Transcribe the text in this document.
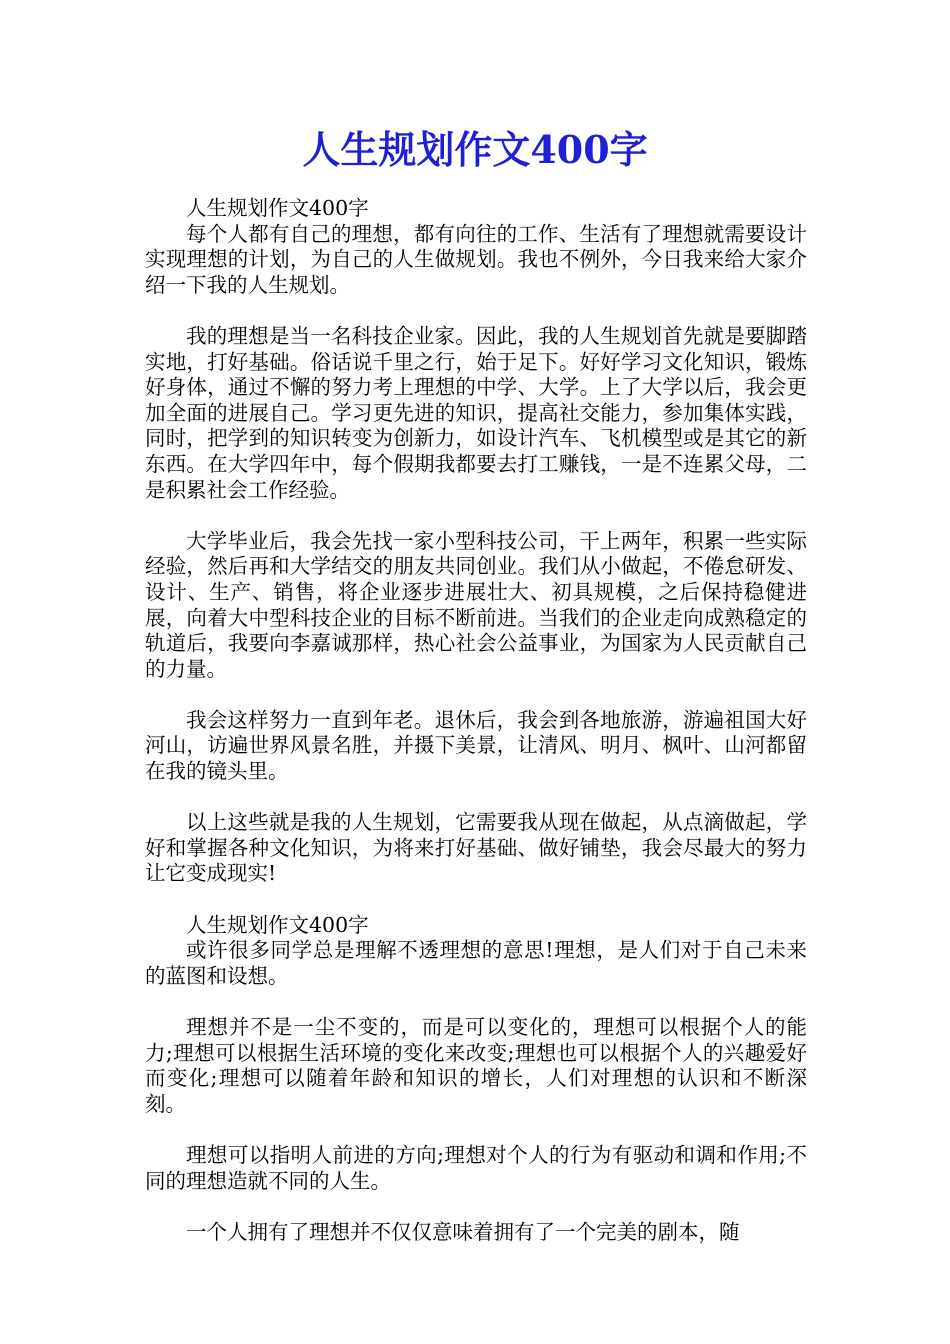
人生规划作文400字

人生规划作文400字

每个人都有自己的理想，都有向往的工作、生活有了理想就需要设计实现理想的计划，为自己的人生做规划。我也不例外，今日我来给大家介绍一下我的人生规划。

我的理想是当一名科技企业家。因此，我的人生规划首先就是要脚踏实地，打好基础。俗话说千里之行，始于足下。好好学习文化知识，锻炼好身体，通过不懈的努力考上理想的中学、大学。上了大学以后，我会更加全面的进展自己。学习更先进的知识，提高社交能力，参加集体实践，同时，把学到的知识转变为创新力，如设计汽车、飞机模型或是其它的新东西。在大学四年中，每个假期我都要去打工赚钱，一是不连累父母，二是积累社会工作经验。

大学毕业后，我会先找一家小型科技公司，干上两年，积累一些实际经验，然后再和大学结交的朋友共同创业。我们从小做起，不倦怠研发、设计、生产、销售，将企业逐步进展壮大、初具规模，之后保持稳健进展，向着大中型科技企业的目标不断前进。当我们的企业走向成熟稳定的轨道后，我要向李嘉诚那样，热心社会公益事业，为国家为人民贡献自己的力量。

我会这样努力一直到年老。退休后，我会到各地旅游，游遍祖国大好河山，访遍世界风景名胜，并摄下美景，让清风、明月、枫叶、山河都留在我的镜头里。

以上这些就是我的人生规划，它需要我从现在做起，从点滴做起，学好和掌握各种文化知识，为将来打好基础、做好铺垫，我会尽最大的努力让它变成现实!

人生规划作文400字

或许很多同学总是理解不透理想的意思!理想，是人们对于自己未来的蓝图和设想。

理想并不是一尘不变的，而是可以变化的，理想可以根据个人的能力;理想可以根据生活环境的变化来改变;理想也可以根据个人的兴趣爱好而变化;理想可以随着年龄和知识的增长，人们对理想的认识和不断深刻。

理想可以指明人前进的方向;理想对个人的行为有驱动和调和作用;不同的理想造就不同的人生。

一个人拥有了理想并不仅仅意味着拥有了一个完美的剧本，随
